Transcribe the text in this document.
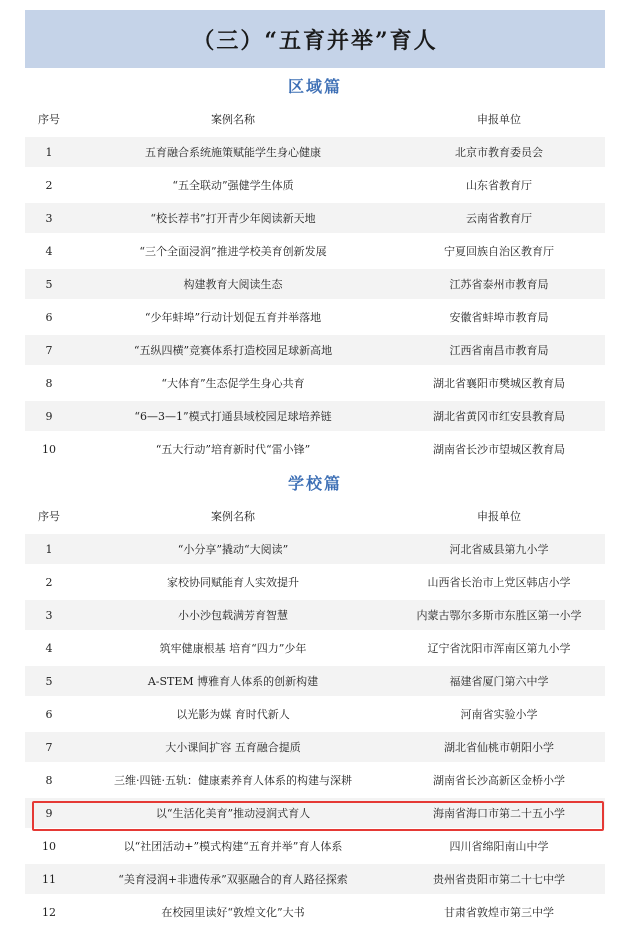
（三）“五育并举”育人
区域篇
序号	案例名称	申报单位
1	五育融合系统施策赋能学生身心健康	北京市教育委员会
2	“五全联动”强健学生体质	山东省教育厅
3	“校长荐书”打开青少年阅读新天地	云南省教育厅
4	“三个全面浸润”推进学校美育创新发展	宁夏回族自治区教育厅
5	构建教育大阅读生态	江苏省泰州市教育局
6	“少年蚌埠”行动计划促五育并举落地	安徽省蚌埠市教育局
7	“五纵四横”竞赛体系打造校园足球新高地	江西省南昌市教育局
8	“大体育”生态促学生身心共育	湖北省襄阳市樊城区教育局
9	“6—3—1”模式打通县域校园足球培养链	湖北省黄冈市红安县教育局
10	“五大行动”培育新时代“雷小锋”	湖南省长沙市望城区教育局
学校篇
序号	案例名称	申报单位
1	“小分享”撬动“大阅读”	河北省威县第九小学
2	家校协同赋能育人实效提升	山西省长治市上党区韩店小学
3	小小沙包载满芳育智慧	内蒙古鄂尔多斯市东胜区第一小学
4	筑牢健康根基 培育“四力”少年	辽宁省沈阳市浑南区第九小学
5	A-STEM 博雅育人体系的创新构建	福建省厦门第六中学
6	以光影为媒 育时代新人	河南省实验小学
7	大小课间扩容 五育融合提质	湖北省仙桃市朝阳小学
8	三维·四链·五轨：健康素养育人体系的构建与深耕	湖南省长沙高新区金桥小学
9	以“生活化美育”推动浸润式育人	海南省海口市第二十五小学
10	以“社团活动+”模式构建“五育并举”育人体系	四川省绵阳南山中学
11	“美育浸润+非遗传承”双驱融合的育人路径探索	贵州省贵阳市第二十七中学
12	在校园里读好“敦煌文化”大书	甘肃省敦煌市第三中学
